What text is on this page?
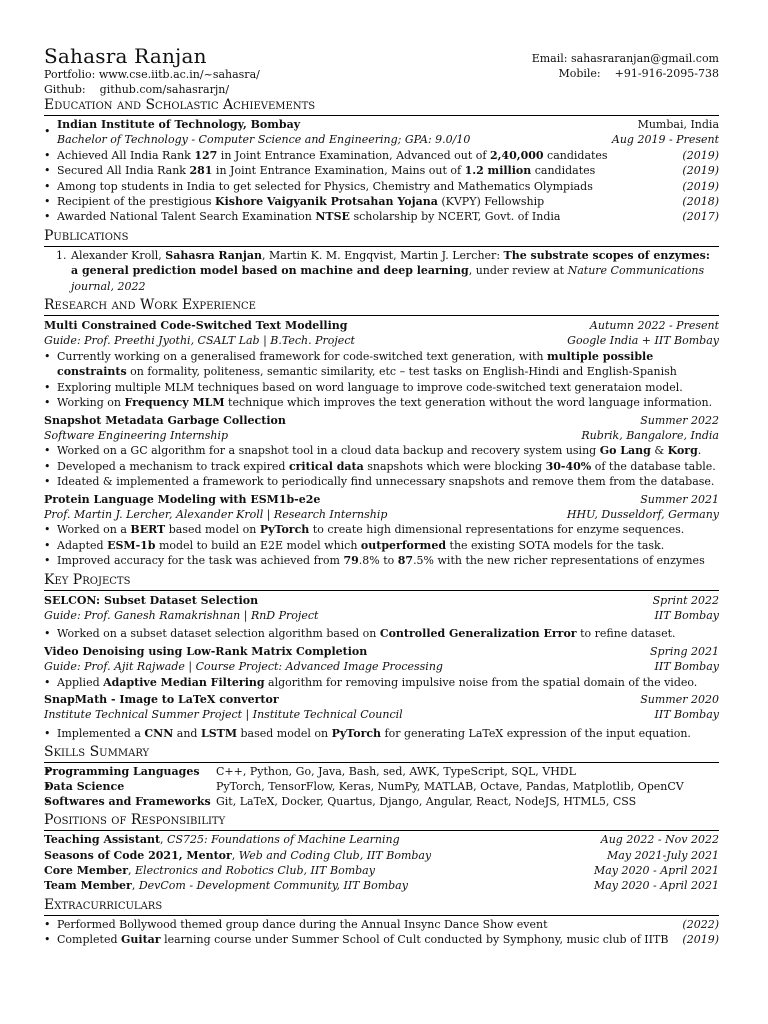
Sahasra Ranjan
Portfolio: www.cse.iitb.ac.in/~sahasra/
Github: github.com/sahasrarjn/
Email: sahasraranjan@gmail.com
Mobile: +91-916-2095-738
Education and Scholastic Achievements
• Indian Institute of Technology, Bombay	Mumbai, India
Bachelor of Technology - Computer Science and Engineering; GPA: 9.0/10	Aug 2019 - Present
• Achieved All India Rank 127 in Joint Entrance Examination, Advanced out of 2,40,000 candidates	(2019)
• Secured All India Rank 281 in Joint Entrance Examination, Mains out of 1.2 million candidates	(2019)
• Among top students in India to get selected for Physics, Chemistry and Mathematics Olympiads	(2019)
• Recipient of the prestigious Kishore Vaigyanik Protsahan Yojana (KVPY) Fellowship	(2018)
• Awarded National Talent Search Examination NTSE scholarship by NCERT, Govt. of India	(2017)
Publications
1. Alexander Kroll, Sahasra Ranjan, Martin K. M. Engqvist, Martin J. Lercher: The substrate scopes of enzymes: a general prediction model based on machine and deep learning, under review at Nature Communications journal, 2022
Research and Work Experience
Multi Constrained Code-Switched Text Modelling	Autumn 2022 - Present
Guide: Prof. Preethi Jyothi, CSALT Lab | B.Tech. Project	Google India + IIT Bombay
• Currently working on a generalised framework for code-switched text generation, with multiple possible
constraints on formality, politeness, semantic similarity, etc – test tasks on English-Hindi and English-Spanish
• Exploring multiple MLM techniques based on word language to improve code-switched text generataion model.
• Working on Frequency MLM technique which improves the text generation without the word language information.
Snapshot Metadata Garbage Collection	Summer 2022
Software Engineering Internship	Rubrik, Bangalore, India
• Worked on a GC algorithm for a snapshot tool in a cloud data backup and recovery system using Go Lang & Korg.
• Developed a mechanism to track expired critical data snapshots which were blocking 30-40% of the database table.
• Ideated & implemented a framework to periodically find unnecessary snapshots and remove them from the database.
Protein Language Modeling with ESM1b-e2e	Summer 2021
Prof. Martin J. Lercher, Alexander Kroll | Research Internship	HHU, Dusseldorf, Germany
• Worked on a BERT based model on PyTorch to create high dimensional representations for enzyme sequences.
• Adapted ESM-1b model to build an E2E model which outperformed the existing SOTA models for the task.
• Improved accuracy for the task was achieved from 79.8% to 87.5% with the new richer representations of enzymes
Key Projects
SELCON: Subset Dataset Selection	Sprint 2022
Guide: Prof. Ganesh Ramakrishnan | RnD Project	IIT Bombay
• Worked on a subset dataset selection algorithm based on Controlled Generalization Error to refine dataset.
Video Denoising using Low-Rank Matrix Completion	Spring 2021
Guide: Prof. Ajit Rajwade | Course Project: Advanced Image Processing	IIT Bombay
• Applied Adaptive Median Filtering algorithm for removing impulsive noise from the spatial domain of the video.
SnapMath - Image to LaTeX convertor	Summer 2020
Institute Technical Summer Project | Institute Technical Council	IIT Bombay
• Implemented a CNN and LSTM based model on PyTorch for generating LaTeX expression of the input equation.
Skills Summary
• Programming Languages	C++, Python, Go, Java, Bash, sed, AWK, TypeScript, SQL, VHDL
• Data Science	PyTorch, TensorFlow, Keras, NumPy, MATLAB, Octave, Pandas, Matplotlib, OpenCV
• Softwares and Frameworks	Git, LaTeX, Docker, Quartus, Django, Angular, React, NodeJS, HTML5, CSS
Positions of Responsibility
Teaching Assistant, CS725: Foundations of Machine Learning	Aug 2022 - Nov 2022
Seasons of Code 2021, Mentor, Web and Coding Club, IIT Bombay	May 2021-July 2021
Core Member, Electronics and Robotics Club, IIT Bombay	May 2020 - April 2021
Team Member, DevCom - Development Community, IIT Bombay	May 2020 - April 2021
Extracurriculars
• Performed Bollywood themed group dance during the Annual Insync Dance Show event	(2022)
• Completed Guitar learning course under Summer School of Cult conducted by Symphony, music club of IITB (2019)
